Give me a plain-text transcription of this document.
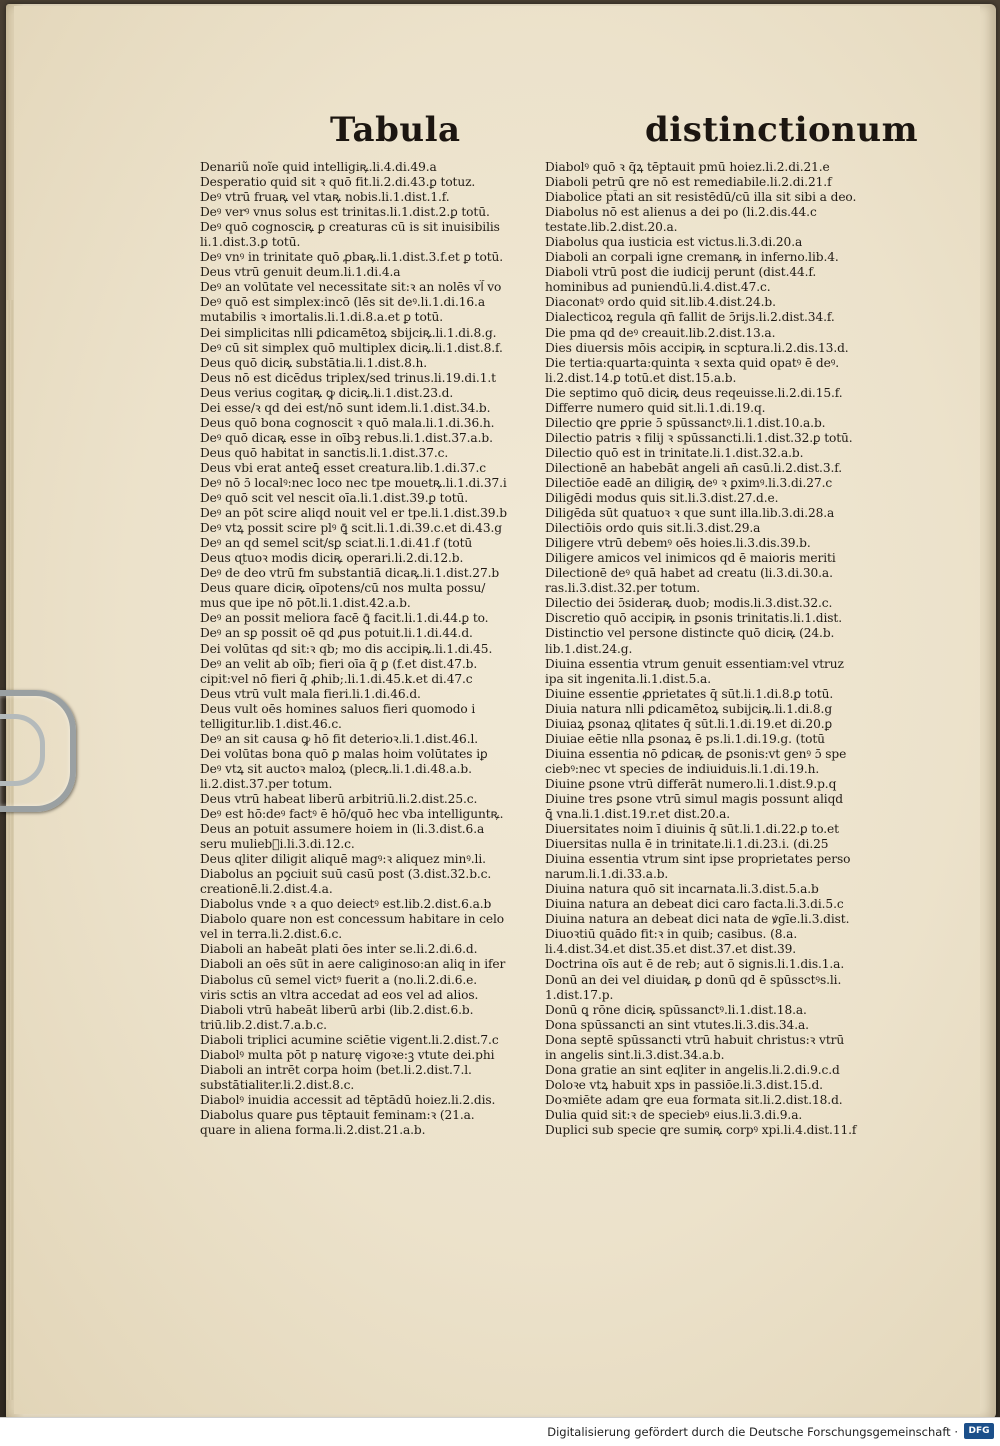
Tabula	distinctionum
Denariũ noĩe quid intelligiꝶ.li.4.di.49.a
Desperatio quid sit ꝛ quō fit.li.2.di.43.ꝑ totuz.
Deꝰ vtrū fruaꝶ vel vtaꝶ nobis.li.1.dist.1.f.
Deꝰ verꝰ vnus solus est trinitas.li.1.dist.2.ꝑ totū.
Deꝰ quō cognosciꝶ ꝑ creaturas cū is sit inuisibilis
li.1.dist.3.ꝑ totū.
Deꝰ vnꝰ in trinitate quō ꝓbaꝶ.li.1.dist.3.f.et ꝑ totū.
Deus vtrū genuit deum.li.1.di.4.a
Deꝰ an volūtate vel necessitate sit:ꝛ an nolēs vl᷑ vo
Deꝰ quō est simplex:incō (lēs sit deꝰ.li.1.di.16.a
mutabilis ꝛ imortalis.li.1.di.8.a.et ꝑ totū.
Dei simplicitas nlli ꝑdicamētoꝝ sbijciꝶ.li.1.di.8.g.
Deꝰ cū sit simplex quō multiplex diciꝶ.li.1.dist.8.f.
Deus quō diciꝶ substātia.li.1.dist.8.h.
Deus nō est dicēdus triplex/sed trinus.li.19.di.1.t
Deus verius cogitaꝶ ꝙ diciꝶ.li.1.dist.23.d.
Dei esse/ꝛ qd dei est/nō sunt idem.li.1.dist.34.b.
Deus quō bona cognoscit ꝛ quō mala.li.1.di.36.h.
Deꝰ quō dicaꝶ esse in oībꝫ rebus.li.1.dist.37.a.b.
Deus quō habitat in sanctis.li.1.dist.37.c.
Deus vbi erat anteꝗ̄ esset creatura.lib.1.di.37.c
Deꝰ nō ɔ̄ localꝰ:nec loco nec tpe mouetꝶ.li.1.di.37.i
Deꝰ quō scit vel nescit oīa.li.1.dist.39.ꝑ totū.
Deꝰ an pōt scire aliqd nouit vel er tpe.li.1.dist.39.b
Deꝰ vtꝝ possit scire plꝰ ꝗ̄ scit.li.1.di.39.c.et di.43.g
Deꝰ an qd semel scit/sꝑ sciat.li.1.di.41.f (totū
Deus ɋtuoꝛ modis diciꝶ operari.li.2.di.12.b.
Deꝰ de deo vtrū fm substantiā dicaꝶ.li.1.dist.27.b
Deus quare diciꝶ oīpotens/cū nos multa possu/
mus que ipe nō pōt.li.1.dist.42.a.b.
Deꝰ an possit meliora facē ꝗ̄ facit.li.1.di.44.ꝑ to.
Deꝰ an sꝑ possit oē qd ꝓus potuit.li.1.di.44.d.
Dei volūtas qd sit:ꝛ qb; mo dis accipiꝶ.li.1.di.45.
Deꝰ an velit ab oīb; fieri oīa q̄ ꝑ (f.et dist.47.b.
cipit:vel nō fieri q̄ ꝓhib;.li.1.di.45.k.et di.47.c
Deus vtrū vult mala fieri.li.1.di.46.d.
Deus vult oēs homines saluos fieri quomodo i
telligitur.lib.1.dist.46.c.
Deꝰ an sit causa ꝙ hō fit deterioꝛ.li.1.dist.46.l.
Dei volūtas bona quō ꝑ malas hoim volūtates iꝑ
Deꝰ vtꝝ sit auctoꝛ maloꝝ (plecꝶ.li.1.di.48.a.b.
li.2.dist.37.per totum.
Deus vtrū habeat liberū arbitriū.li.2.dist.25.c.
Deꝰ est hō:deꝰ factꝰ ē hō/quō hec vba intelliguntꝶ.
Deus an potuit assumere hoiem in (li.3.dist.6.a
seru mulieb᷑i.li.3.di.12.c.
Deus ɋliter diligit aliquē magꝰ:ꝛ aliquez minꝰ.li.
Diabolus an pꝯciuit suū casū post (3.dist.32.b.c.
creationē.li.2.dist.4.a.
Diabolus vnde ꝛ a quo deiectꝰ est.lib.2.dist.6.a.b
Diabolo quare non est concessum habitare in celo
vel in terra.li.2.dist.6.c.
Diaboli an habeāt plati ōes inter se.li.2.di.6.d.
Diaboli an oēs sūt in aere caliginoso:an aliq in ifer
Diabolus cū semel victꝰ fuerit a (no.li.2.di.6.e.
viris sctis an vltra accedat ad eos vel ad alios.
Diaboli vtrū habeāt liberū arbi (lib.2.dist.6.b.
triū.lib.2.dist.7.a.b.c.
Diaboli triplici acumine sciētie vigent.li.2.dist.7.c
Diabolꝰ multa pōt p naturę vigoꝛe:ꝫ vtute dei.phi
Diaboli an intrēt corpa hoim (bet.li.2.dist.7.l.
substātialiter.li.2.dist.8.c.
Diabolꝰ inuidia accessit ad tēptādū hoiez.li.2.dis.
Diabolus quare ꝑus tēptauit feminam:ꝛ (21.a.
quare in aliena forma.li.2.dist.21.a.b.
Diabolꝰ quō ꝛ q̄ꝝ tēptauit pmū hoiez.li.2.di.21.e
Diaboli petrū ꝗre nō est remediabile.li.2.di.21.f
Diabolice pt̄ati an sit resistēdū/cū illa sit sibi a deo.
Diabolus nō est alienus a dei po (li.2.dis.44.c
testate.lib.2.dist.20.a.
Diabolus qua iusticia est victus.li.3.di.20.a
Diaboli an corpali igne cremanꝶ in inferno.lib.4.
Diaboli vtrū post die iudicij perunt (dist.44.f.
hominibus ad puniendū.li.4.dist.47.c.
Diaconatꝰ ordo quid sit.lib.4.dist.24.b.
Dialecticoꝝ regula qn̄ fallit de ɔ̄rijs.li.2.dist.34.f.
Die pma qd deꝰ creauit.lib.2.dist.13.a.
Dies diuersis mōis accipiꝶ in scptura.li.2.dis.13.d.
Die tertia:quarta:quinta ꝛ sexta quid opatꝰ ē deꝰ.
li.2.dist.14.ꝑ totū.et dist.15.a.b.
Die septimo quō diciꝶ deus reqeuisse.li.2.di.15.f.
Differre numero quid sit.li.1.di.19.q.
Dilectio ꝗre ꝑprie ɔ̄ spūssanctꝰ.li.1.dist.10.a.b.
Dilectio patris ꝛ filij ꝛ spūssancti.li.1.dist.32.ꝑ totū.
Dilectio quō est in trinitate.li.1.dist.32.a.b.
Dilectionē an habebāt angeli an̄ casū.li.2.dist.3.f.
Dilectiōe eadē an diligiꝶ deꝰ ꝛ ꝑximꝰ.li.3.di.27.c
Diligēdi modus quis sit.li.3.dist.27.d.e.
Diligēda sūt quatuoꝛ ꝛ que sunt illa.lib.3.di.28.a
Dilectiōis ordo quis sit.li.3.dist.29.a
Diligere vtrū debemꝰ oēs hoies.li.3.dis.39.b.
Diligere amicos vel inimicos qd ē maioris meriti
Dilectionē deꝰ quā habet ad creatu (li.3.di.30.a.
ras.li.3.dist.32.per totum.
Dilectio dei ɔ̄sideraꝶ duob; modis.li.3.dist.32.c.
Discretio quō accipiꝶ in ꝑsonis trinitatis.li.1.dist.
Distinctio vel persone distincte quō diciꝶ (24.b.
lib.1.dist.24.g.
Diuina essentia vtrum genuit essentiam:vel vtruz
ipa sit ingenita.li.1.dist.5.a.
Diuine essentie ꝓprietates q̄ sūt.li.1.di.8.ꝑ totū.
Diuia natura nlli ꝑdicamētoꝝ subijciꝶ.li.1.di.8.g
Diuiaꝝ ꝑsonaꝝ ɋlitates q̄ sūt.li.1.di.19.et di.20.ꝑ
Diuiae eētie nlla ꝑsonaꝝ ē ps.li.1.di.19.g. (totū
Diuina essentia nō ꝑdicaꝶ de ꝑsonis:vt genꝰ ɔ̄ spe
ciebꝰ:nec vt species de indiuiduis.li.1.di.19.h.
Diuine ꝑsone vtrū differāt numero.li.1.dist.9.p.q
Diuine tres ꝑsone vtrū simul magis possunt aliqd
ꝗ̄ vna.li.1.dist.19.r.et dist.20.a.
Diuersitates noim ī diuinis q̄ sūt.li.1.di.22.ꝑ to.et
Diuersitas nulla ē in trinitate.li.1.di.23.i. (di.25
Diuina essentia vtrum sint ipse proprietates perso
narum.li.1.di.33.a.b.
Diuina natura quō sit incarnata.li.3.dist.5.a.b
Diuina natura an debeat dici caro facta.li.3.di.5.c
Diuina natura an debeat dici nata de ꝟgīe.li.3.dist.
Diuoꝛtiū quādo fit:ꝛ in quib; casibus. (8.a.
li.4.dist.34.et dist.35.et dist.37.et dist.39.
Doctrina oīs aut ē de reb; aut ō signis.li.1.dis.1.a.
Donū an dei vel diuidaꝶ ꝑ donū qd ē spūssctꝰs.li.
1.dist.17.p.
Donū ꝗ rōne diciꝶ spūssanctꝰ.li.1.dist.18.a.
Dona spūssancti an sint vtutes.li.3.dis.34.a.
Dona septē spūssancti vtrū habuit christus:ꝛ vtrū
in angelis sint.li.3.dist.34.a.b.
Dona gratie an sint eɋliter in angelis.li.2.di.9.c.d
Doloꝛe vtꝝ habuit xps in passiōe.li.3.dist.15.d.
Doꝛmiēte adam ꝗre eua formata sit.li.2.dist.18.d.
Dulia quid sit:ꝛ de speciebꝰ eius.li.3.di.9.a.
Duplici sub specie ꝗre sumiꝶ corpꝰ xpi.li.4.dist.11.f
Digitalisierung gefördert durch die Deutsche Forschungsgemeinschaft ·	DFG
